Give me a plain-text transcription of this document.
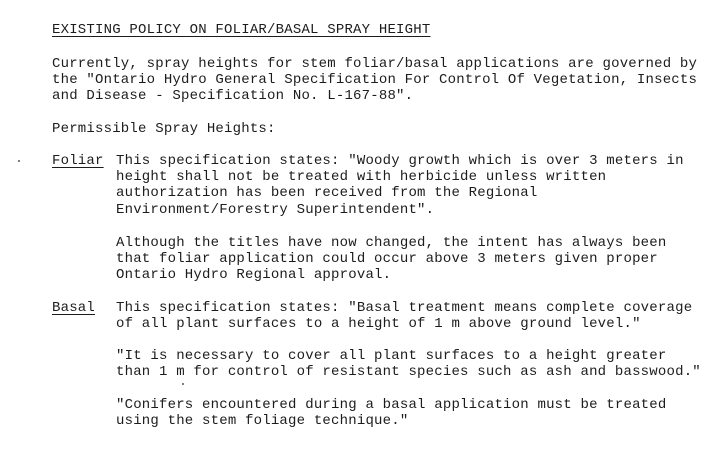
EXISTING POLICY ON FOLIAR/BASAL SPRAY HEIGHT
Currently, spray heights for stem foliar/basal applications are governed by
the "Ontario Hydro General Specification For Control Of Vegetation, Insects
and Disease - Specification No. L-167-88".
Permissible Spray Heights:
Foliar This specification states: "Woody growth which is over 3 meters in
height shall not be treated with herbicide unless written
authorization has been received from the Regional
Environment/Forestry Superintendent".
Although the titles have now changed, the intent has always been
that foliar application could occur above 3 meters given proper
Ontario Hydro Regional approval.
Basal This specification states: "Basal treatment means complete coverage
of all plant surfaces to a height of 1 m above ground level."
"It is necessary to cover all plant surfaces to a height greater
than 1 m for control of resistant species such as ash and basswood."
"Conifers encountered during a basal application must be treated
using the stem foliage technique."
